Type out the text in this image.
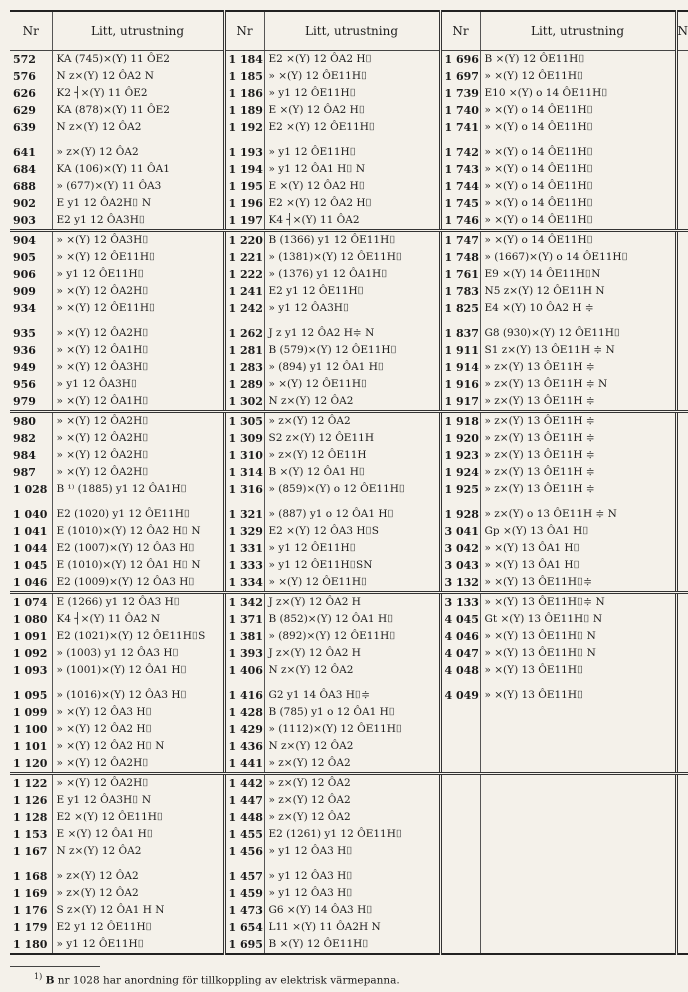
Nr	Litt, utrustning	Nr	Litt, utrustning	Nr	Litt, utrustning	N
572	KA (745)×(Y) 11 ÔE2	1 184	E2 ×(Y) 12 ÔA2 H⌷	1 696	B ×(Y) 12 ÔE11H⌷	
576	N z×(Y) 12 ÔA2 N	1 185	» ×(Y) 12 ÔE11H⌷	1 697	» ×(Y) 12 ÔE11H⌷	
626	K2 ┤×(Y) 11 ÔE2	1 186	» y1 12 ÔE11H⌷	1 739	E10 ×(Y) o 14 ÔE11H⌷	
629	KA (878)×(Y) 11 ÔE2	1 189	E ×(Y) 12 ÔA2 H⌷	1 740	» ×(Y) o 14 ÔE11H⌷	
639	N z×(Y) 12 ÔA2	1 192	E2 ×(Y) 12 ÔE11H⌷	1 741	» ×(Y) o 14 ÔE11H⌷	

641	» z×(Y) 12 ÔA2	1 193	» y1 12 ÔE11H⌷	1 742	» ×(Y) o 14 ÔE11H⌷	
684	KA (106)×(Y) 11 ÔA1	1 194	» y1 12 ÔA1 H⌷ N	1 743	» ×(Y) o 14 ÔE11H⌷	
688	» (677)×(Y) 11 ÔA3	1 195	E ×(Y) 12 ÔA2 H⌷	1 744	» ×(Y) o 14 ÔE11H⌷	
902	E y1 12 ÔA2H⌷ N	1 196	E2 ×(Y) 12 ÔA2 H⌷	1 745	» ×(Y) o 14 ÔE11H⌷	
903	E2 y1 12 ÔA3H⌷	1 197	K4 ┤×(Y) 11 ÔA2	1 746	» ×(Y) o 14 ÔE11H⌷	
904	» ×(Y) 12 ÔA3H⌷	1 220	B (1366) y1 12 ÔE11H⌷	1 747	» ×(Y) o 14 ÔE11H⌷	
905	» ×(Y) 12 ÔE11H⌷	1 221	» (1381)×(Y) 12 ÔE11H⌷	1 748	» (1667)×(Y) o 14 ÔE11H⌷	
906	» y1 12 ÔE11H⌷	1 222	» (1376) y1 12 ÔA1H⌷	1 761	E9 ×(Y) 14 ÔE11H⌷N	
909	» ×(Y) 12 ÔA2H⌷	1 241	E2 y1 12 ÔE11H⌷	1 783	N5 z×(Y) 12 ÔE11H N	
934	» ×(Y) 12 ÔE11H⌷	1 242	» y1 12 ÔA3H⌷	1 825	E4 ×(Y) 10 ÔA2 H ≑	

935	» ×(Y) 12 ÔA2H⌷	1 262	J z y1 12 ÔA2 H≑ N	1 837	G8 (930)×(Y) 12 ÔE11H⌷	
936	» ×(Y) 12 ÔA1H⌷	1 281	B (579)×(Y) 12 ÔE11H⌷	1 911	S1 z×(Y) 13 ÔE11H ≑ N	
949	» ×(Y) 12 ÔA3H⌷	1 283	» (894) y1 12 ÔA1 H⌷	1 914	» z×(Y) 13 ÔE11H ≑	
956	» y1 12 ÔA3H⌷	1 289	» ×(Y) 12 ÔE11H⌷	1 916	» z×(Y) 13 ÔE11H ≑ N	
979	» ×(Y) 12 ÔA1H⌷	1 302	N z×(Y) 12 ÔA2	1 917	» z×(Y) 13 ÔE11H ≑	
980	» ×(Y) 12 ÔA2H⌷	1 305	» z×(Y) 12 ÔA2	1 918	» z×(Y) 13 ÔE11H ≑	
982	» ×(Y) 12 ÔA2H⌷	1 309	S2 z×(Y) 12 ÔE11H	1 920	» z×(Y) 13 ÔE11H ≑	
984	» ×(Y) 12 ÔA2H⌷	1 310	» z×(Y) 12 ÔE11H	1 923	» z×(Y) 13 ÔE11H ≑	
987	» ×(Y) 12 ÔA2H⌷	1 314	B ×(Y) 12 ÔA1 H⌷	1 924	» z×(Y) 13 ÔE11H ≑	
1 028	B ¹⁾ (1885) y1 12 ÔA1H⌷	1 316	» (859)×(Y) o 12 ÔE11H⌷	1 925	» z×(Y) 13 ÔE11H ≑	

1 040	E2 (1020) y1 12 ÔE11H⌷	1 321	» (887) y1 o 12 ÔA1 H⌷	1 928	» z×(Y) o 13 ÔE11H ≑ N	
1 041	E (1010)×(Y) 12 ÔA2 H⌷ N	1 329	E2 ×(Y) 12 ÔA3 H⌷S	3 041	Gp ×(Y) 13 ÔA1 H⌷	
1 044	E2 (1007)×(Y) 12 ÔA3 H⌷	1 331	» y1 12 ÔE11H⌷	3 042	» ×(Y) 13 ÔA1 H⌷	
1 045	E (1010)×(Y) 12 ÔA1 H⌷ N	1 333	» y1 12 ÔE11H⌷SN	3 043	» ×(Y) 13 ÔA1 H⌷	
1 046	E2 (1009)×(Y) 12 ÔA3 H⌷	1 334	» ×(Y) 12 ÔE11H⌷	3 132	» ×(Y) 13 ÔE11H⌷≑	
1 074	E (1266) y1 12 ÔA3 H⌷	1 342	J z×(Y) 12 ÔA2 H	3 133	» ×(Y) 13 ÔE11H⌷≑ N	
1 080	K4 ┤×(Y) 11 ÔA2 N	1 371	B (852)×(Y) 12 ÔA1 H⌷	4 045	Gt ×(Y) 13 ÔE11H⌷ N	
1 091	E2 (1021)×(Y) 12 ÔE11H⌷S	1 381	» (892)×(Y) 12 ÔE11H⌷	4 046	» ×(Y) 13 ÔE11H⌷ N	
1 092	» (1003) y1 12 ÔA3 H⌷	1 393	J z×(Y) 12 ÔA2 H	4 047	» ×(Y) 13 ÔE11H⌷ N	
1 093	» (1001)×(Y) 12 ÔA1 H⌷	1 406	N z×(Y) 12 ÔA2	4 048	» ×(Y) 13 ÔE11H⌷	

1 095	» (1016)×(Y) 12 ÔA3 H⌷	1 416	G2 y1 14 ÔA3 H⌷≑	4 049	» ×(Y) 13 ÔE11H⌷	
1 099	» ×(Y) 12 ÔA3 H⌷	1 428	B (785) y1 o 12 ÔA1 H⌷			
1 100	» ×(Y) 12 ÔA2 H⌷	1 429	» (1112)×(Y) 12 ÔE11H⌷			
1 101	» ×(Y) 12 ÔA2 H⌷ N	1 436	N z×(Y) 12 ÔA2			
1 120	» ×(Y) 12 ÔA2H⌷	1 441	» z×(Y) 12 ÔA2			
1 122	» ×(Y) 12 ÔA2H⌷	1 442	» z×(Y) 12 ÔA2			
1 126	E y1 12 ÔA3H⌷ N	1 447	» z×(Y) 12 ÔA2			
1 128	E2 ×(Y) 12 ÔE11H⌷	1 448	» z×(Y) 12 ÔA2			
1 153	E ×(Y) 12 ÔA1 H⌷	1 455	E2 (1261) y1 12 ÔE11H⌷			
1 167	N z×(Y) 12 ÔA2	1 456	» y1 12 ÔA3 H⌷			

1 168	» z×(Y) 12 ÔA2	1 457	» y1 12 ÔA3 H⌷			
1 169	» z×(Y) 12 ÔA2	1 459	» y1 12 ÔA3 H⌷			
1 176	S z×(Y) 12 ÔA1 H N	1 473	G6 ×(Y) 14 ÔA3 H⌷			
1 179	E2 y1 12 ÔE11H⌷	1 654	L11 ×(Y) 11 ÔA2H N			
1 180	» y1 12 ÔE11H⌷	1 695	B ×(Y) 12 ÔE11H⌷			
$^{1)}$ B nr 1028 har anordning för tillkoppling av elektrisk värmepanna.
